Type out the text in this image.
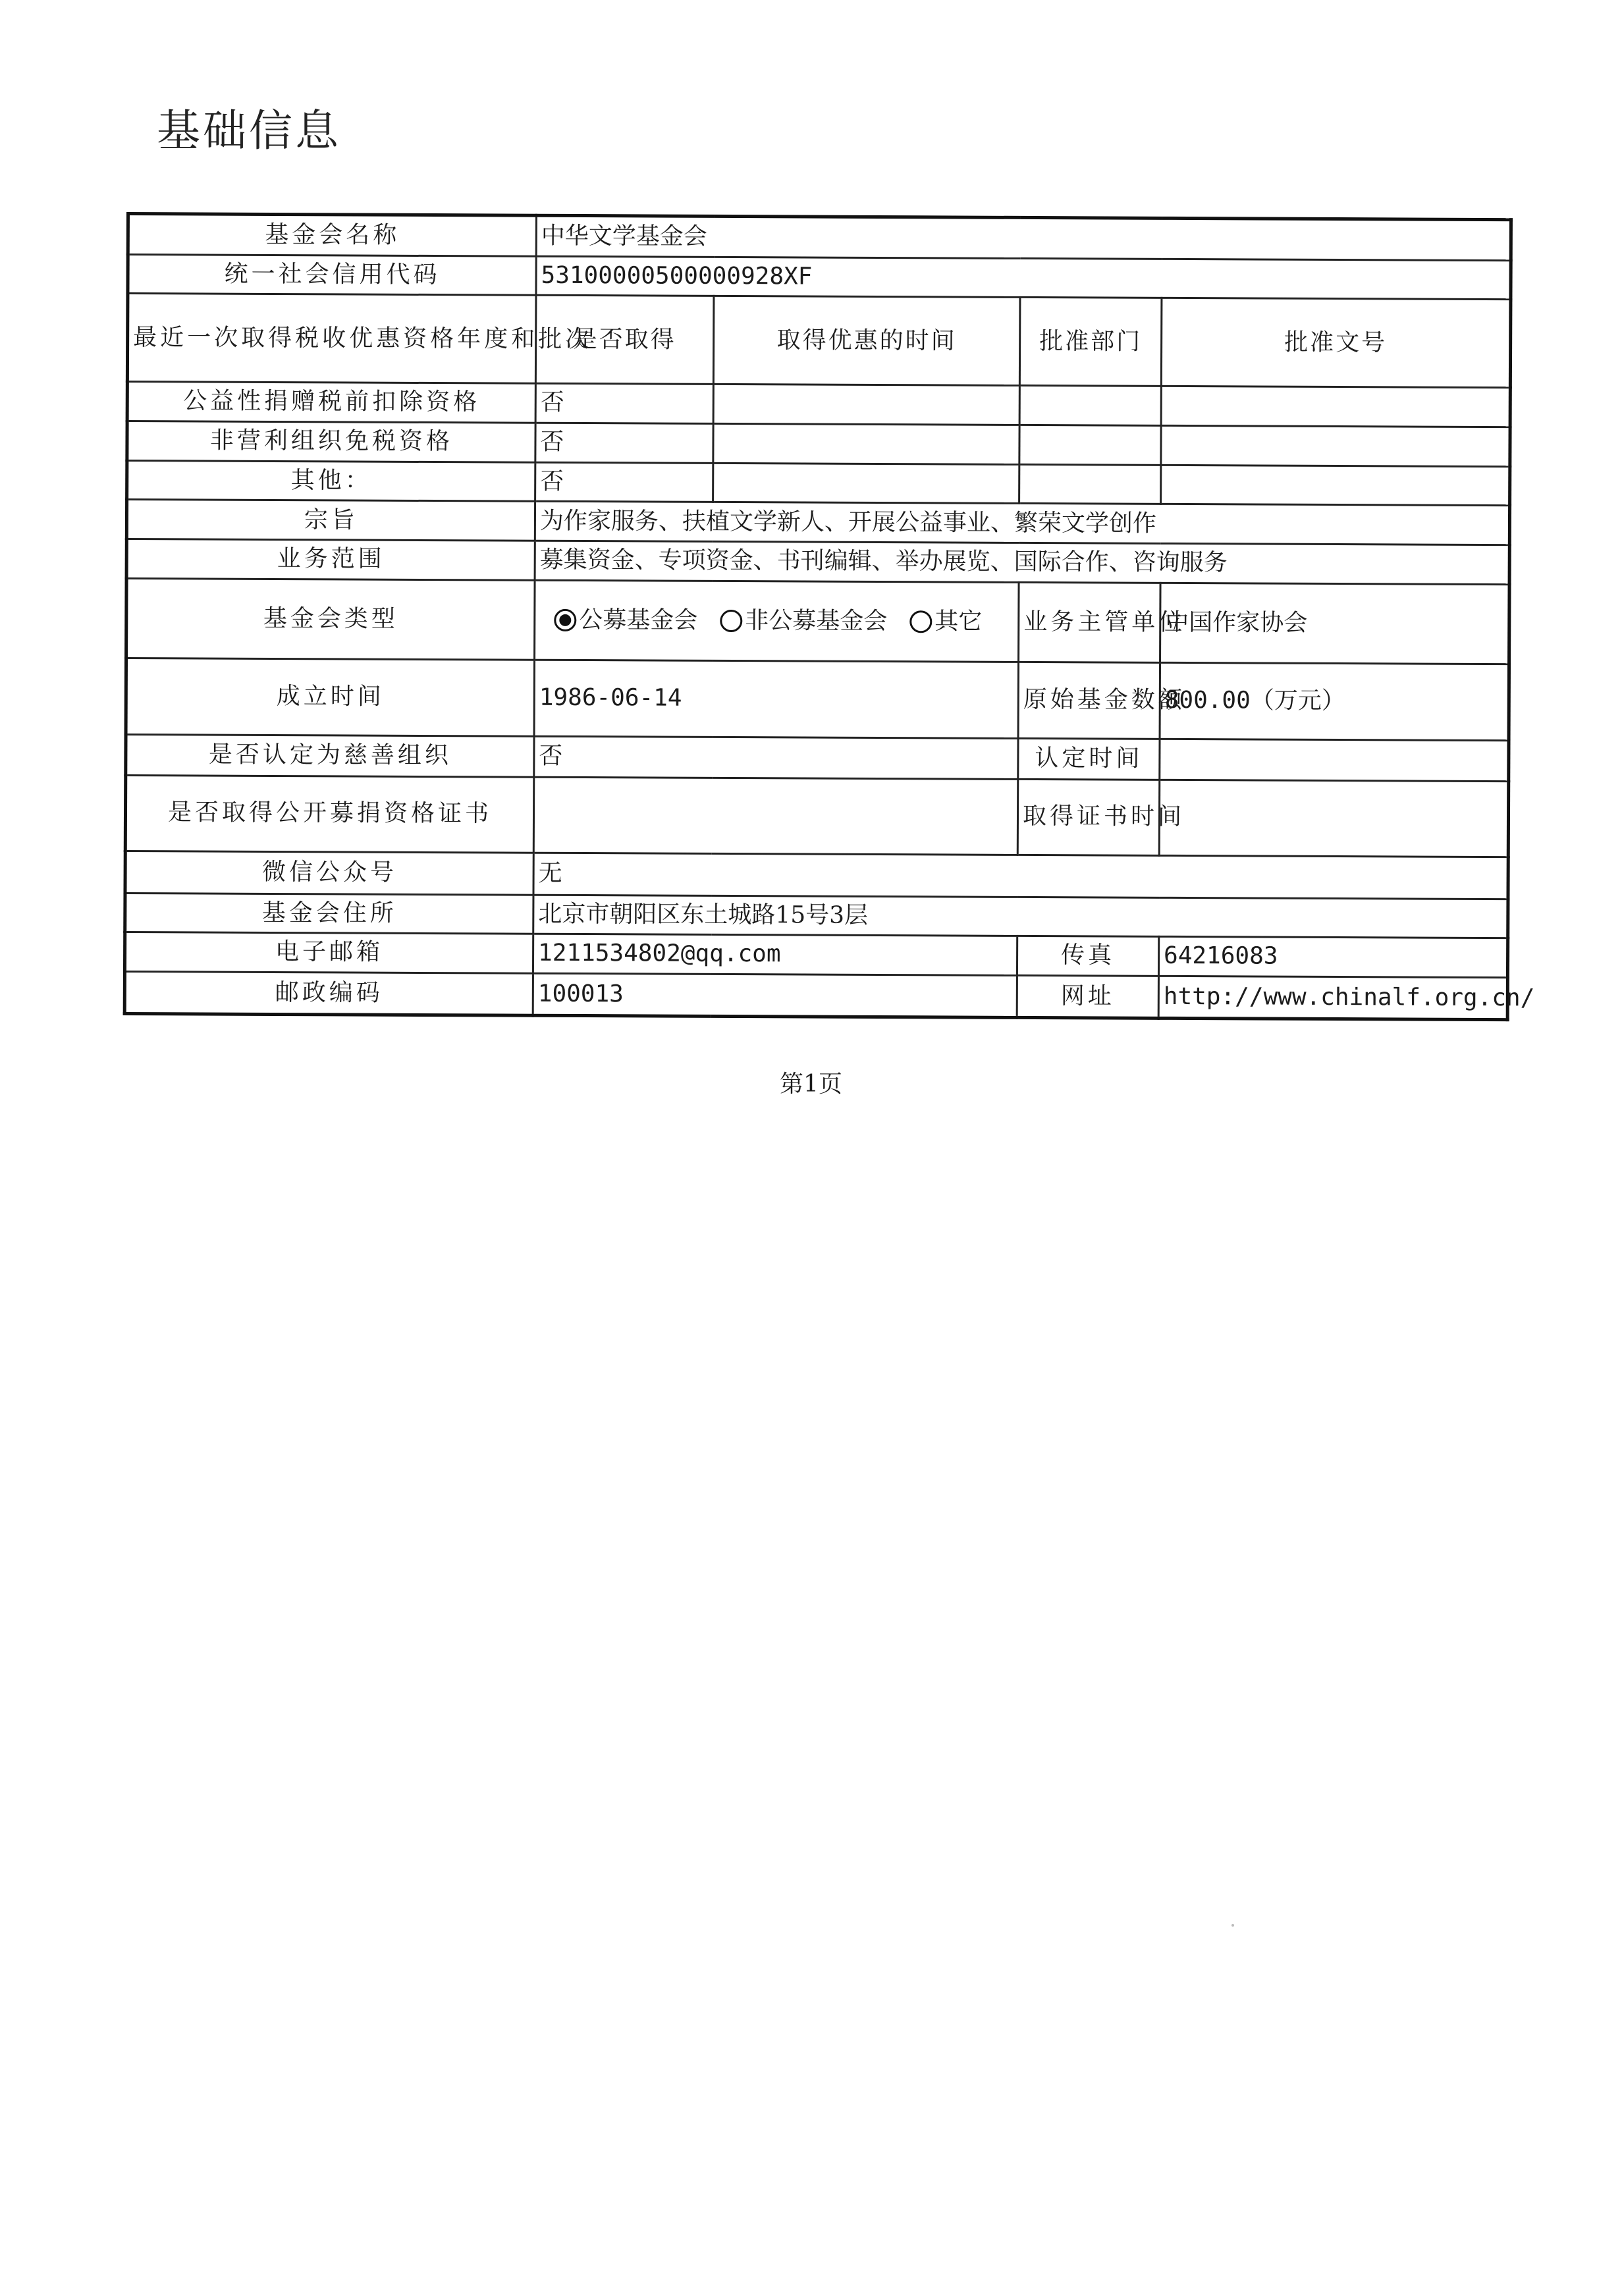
基础信息
基金会名称	中华文学基金会			
统一社会信用代码	53100000500000928XF			
最近一次取得税收优惠资格年度和批次	是否取得	取得优惠的时间	批准部门	批准文号
公益性捐赠税前扣除资格	否			
非营利组织免税资格	否			
其他：	否			
宗旨	为作家服务、扶植文学新人、开展公益事业、繁荣文学创作			
业务范围	募集资金、专项资金、书刊编辑、举办展览、国际合作、咨询服务			
基金会类型	公募基金会 非公募基金会 其它		业务主管单位	中国作家协会
成立时间	1986-06-14		原始基金数额	800.00（万元）
是否认定为慈善组织	否		认定时间	
是否取得公开募捐资格证书			取得证书时间	
微信公众号	无			
基金会住所	北京市朝阳区东土城路15号3层			
电子邮箱	1211534802@qq.com		传真	64216083
邮政编码	100013		网址	http://www.chinalf.org.cn/
第1页
